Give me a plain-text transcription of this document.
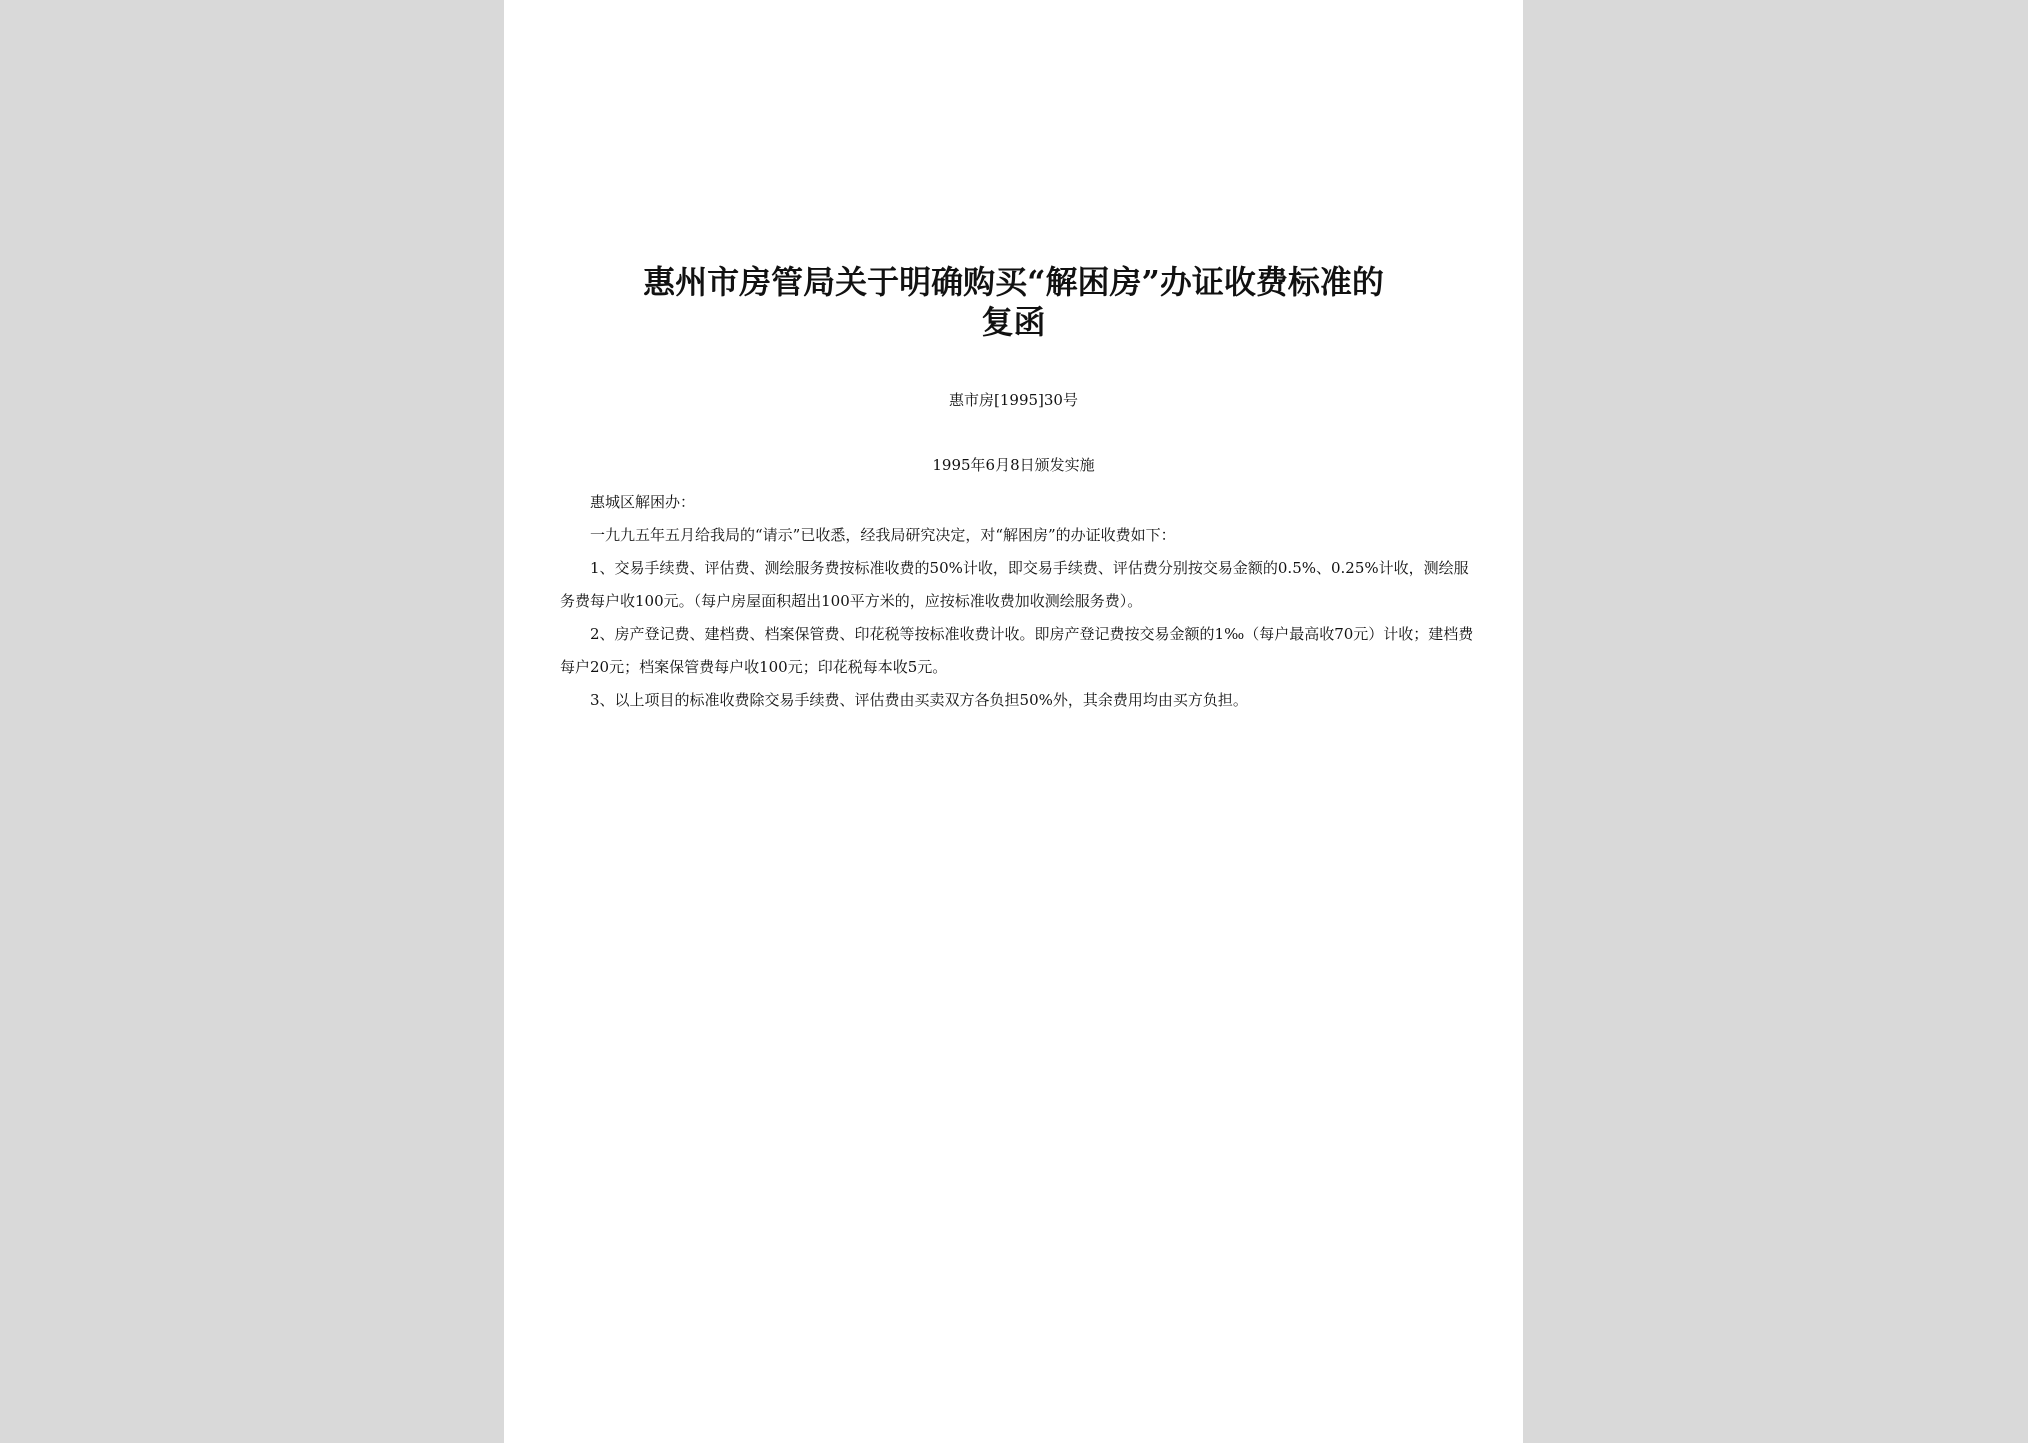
惠州市房管局关于明确购买“解困房”办证收费标准的
复函
惠市房[1995]30号
1995年6月8日颁发实施

惠城区解困办：

一九九五年五月给我局的“请示”已收悉，经我局研究决定，对“解困房”的办证收费如下：

1、交易手续费、评估费、测绘服务费按标准收费的50%计收，即交易手续费、评估费分别按交易金额的0.5%、0.25%计收，测绘服务费每户收100元。（每户房屋面积超出100平方米的，应按标准收费加收测绘服务费）。

2、房产登记费、建档费、档案保管费、印花税等按标准收费计收。即房产登记费按交易金额的1‰（每户最高收70元）计收；建档费每户20元；档案保管费每户收100元；印花税每本收5元。

3、以上项目的标准收费除交易手续费、评估费由买卖双方各负担50%外，其余费用均由买方负担。
